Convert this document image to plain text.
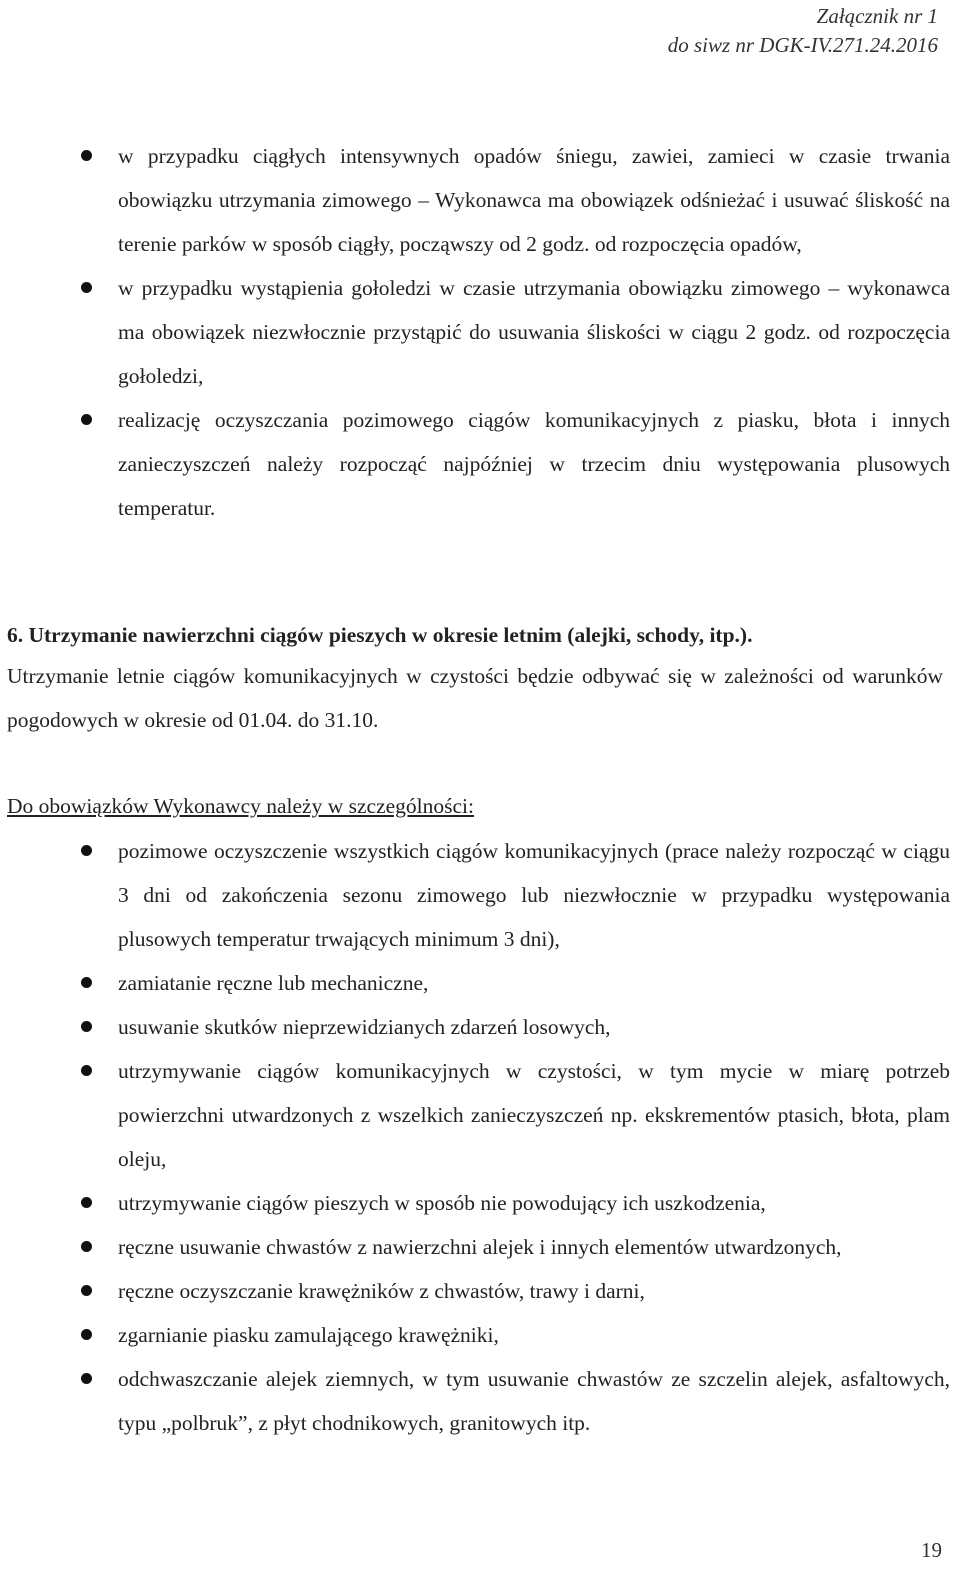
Załącznik nr 1
do siwz nr DGK-IV.271.24.2016
w przypadku ciągłych intensywnych opadów śniegu, zawiei, zamieci w czasie trwania obowiązku utrzymania zimowego – Wykonawca ma obowiązek odśnieżać i usuwać śliskość na terenie parków w sposób ciągły, począwszy od 2 godz. od rozpoczęcia opadów,
w przypadku wystąpienia gołoledzi w czasie utrzymania obowiązku zimowego – wykonawca ma obowiązek niezwłocznie przystąpić do usuwania śliskości w ciągu 2 godz. od rozpoczęcia gołoledzi,
realizację oczyszczania pozimowego ciągów komunikacyjnych z piasku, błota i innych zanieczyszczeń należy rozpocząć najpóźniej w trzecim dniu występowania plusowych temperatur.
6. Utrzymanie nawierzchni ciągów pieszych w okresie letnim (alejki, schody, itp.).
Utrzymanie letnie ciągów komunikacyjnych w czystości będzie odbywać się w zależności od warunków pogodowych w okresie od 01.04. do 31.10.
Do obowiązków Wykonawcy należy w szczególności:
pozimowe oczyszczenie wszystkich ciągów komunikacyjnych (prace należy rozpocząć w ciągu 3 dni od zakończenia sezonu zimowego lub niezwłocznie w przypadku występowania plusowych temperatur trwających minimum 3 dni),
zamiatanie ręczne lub mechaniczne,
usuwanie skutków nieprzewidzianych zdarzeń losowych,
utrzymywanie ciągów komunikacyjnych w czystości, w tym mycie w miarę potrzeb powierzchni utwardzonych z wszelkich zanieczyszczeń np. ekskrementów ptasich, błota, plam oleju,
utrzymywanie ciągów pieszych w sposób nie powodujący ich uszkodzenia,
ręczne usuwanie chwastów z nawierzchni alejek i innych elementów utwardzonych,
ręczne oczyszczanie krawężników z chwastów, trawy i darni,
zgarnianie piasku zamulającego krawężniki,
odchwaszczanie alejek ziemnych, w tym usuwanie chwastów ze szczelin alejek, asfaltowych, typu „polbruk”, z płyt chodnikowych, granitowych itp.
19
